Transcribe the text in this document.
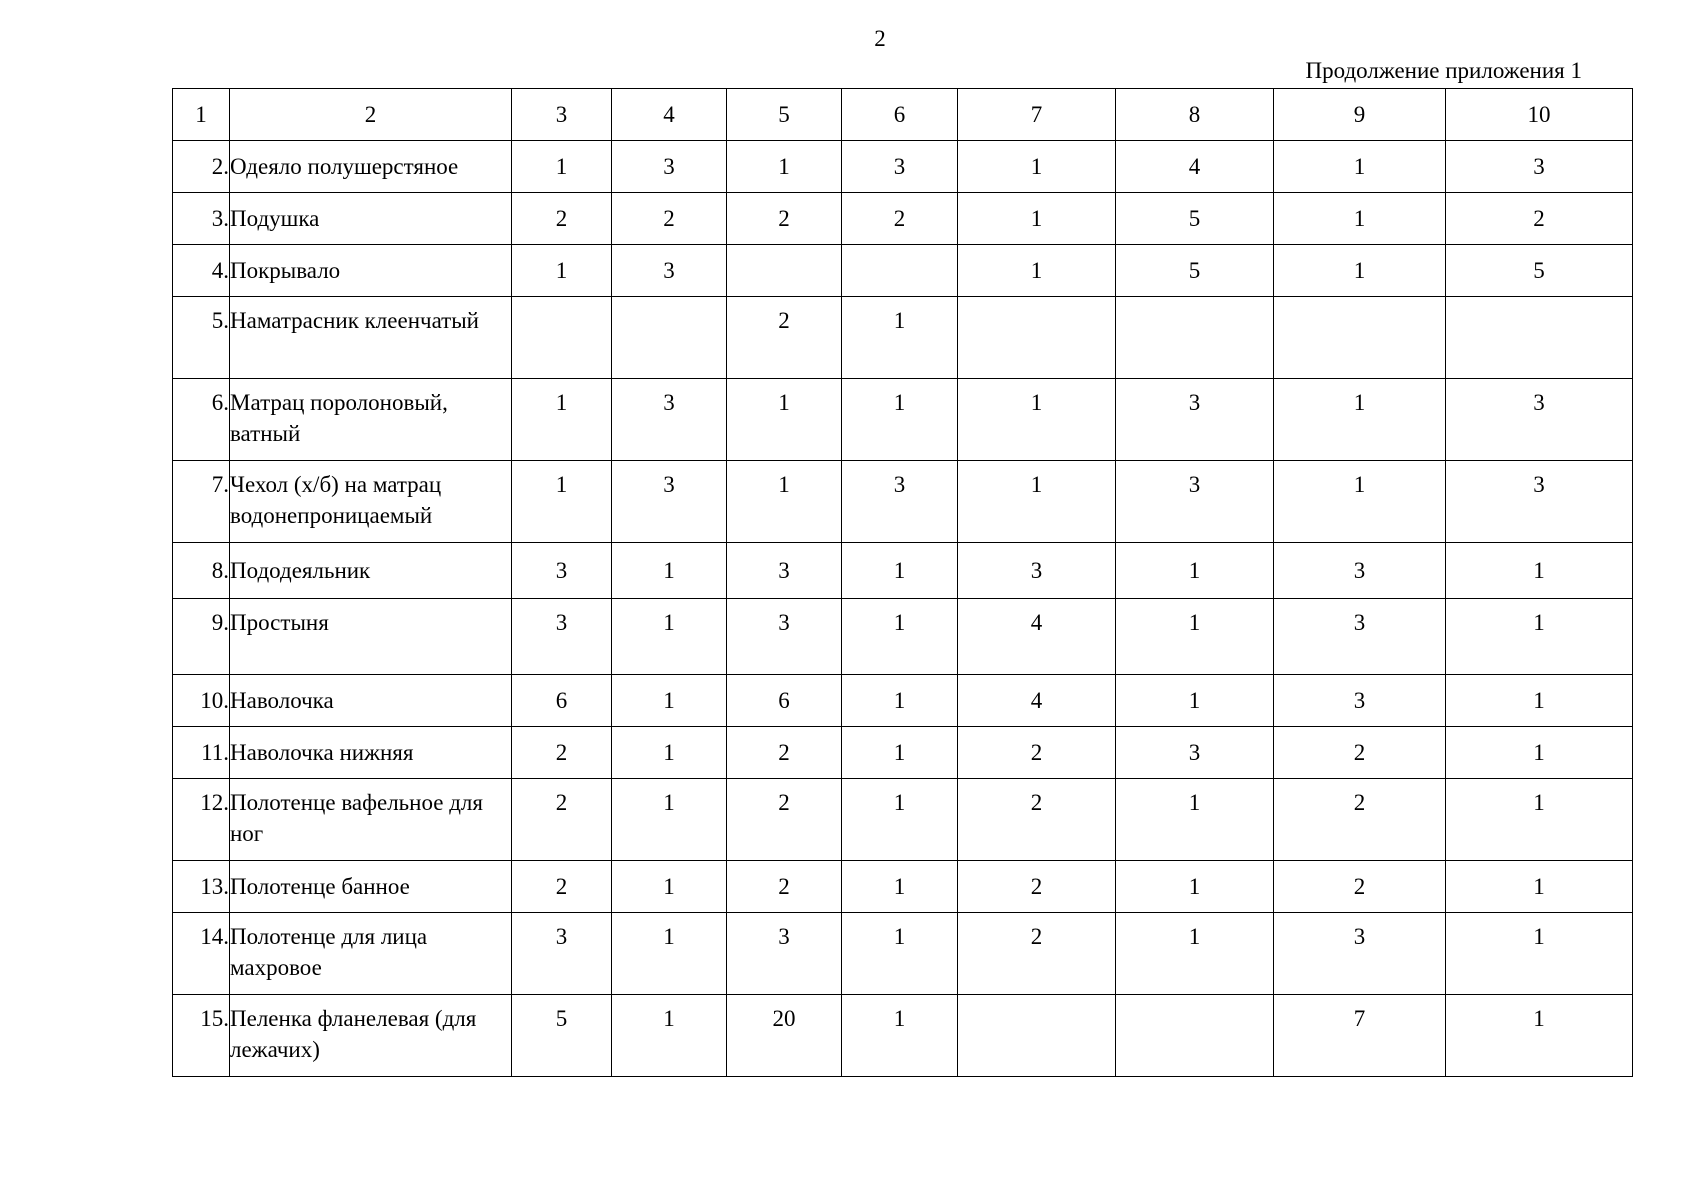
2
Продолжение приложения 1
1	2	3	4	5	6	7	8	9	10
2.	Одеяло полушерстяное	1	3	1	3	1	4	1	3
3.	Подушка	2	2	2	2	1	5	1	2
4.	Покрывало	1	3			1	5	1	5
5.	Наматрасник клеенчатый			2	1				
6.	Матрац поролоновый, ватный	1	3	1	1	1	3	1	3
7.	Чехол (х/б) на матрац водонепроницаемый	1	3	1	3	1	3	1	3
8.	Пододеяльник	3	1	3	1	3	1	3	1
9.	Простыня	3	1	3	1	4	1	3	1
10.	Наволочка	6	1	6	1	4	1	3	1
11.	Наволочка нижняя	2	1	2	1	2	3	2	1
12.	Полотенце вафельное для ног	2	1	2	1	2	1	2	1
13.	Полотенце банное	2	1	2	1	2	1	2	1
14.	Полотенце для лица махровое	3	1	3	1	2	1	3	1
15.	Пеленка фланелевая (для лежачих)	5	1	20	1			7	1
